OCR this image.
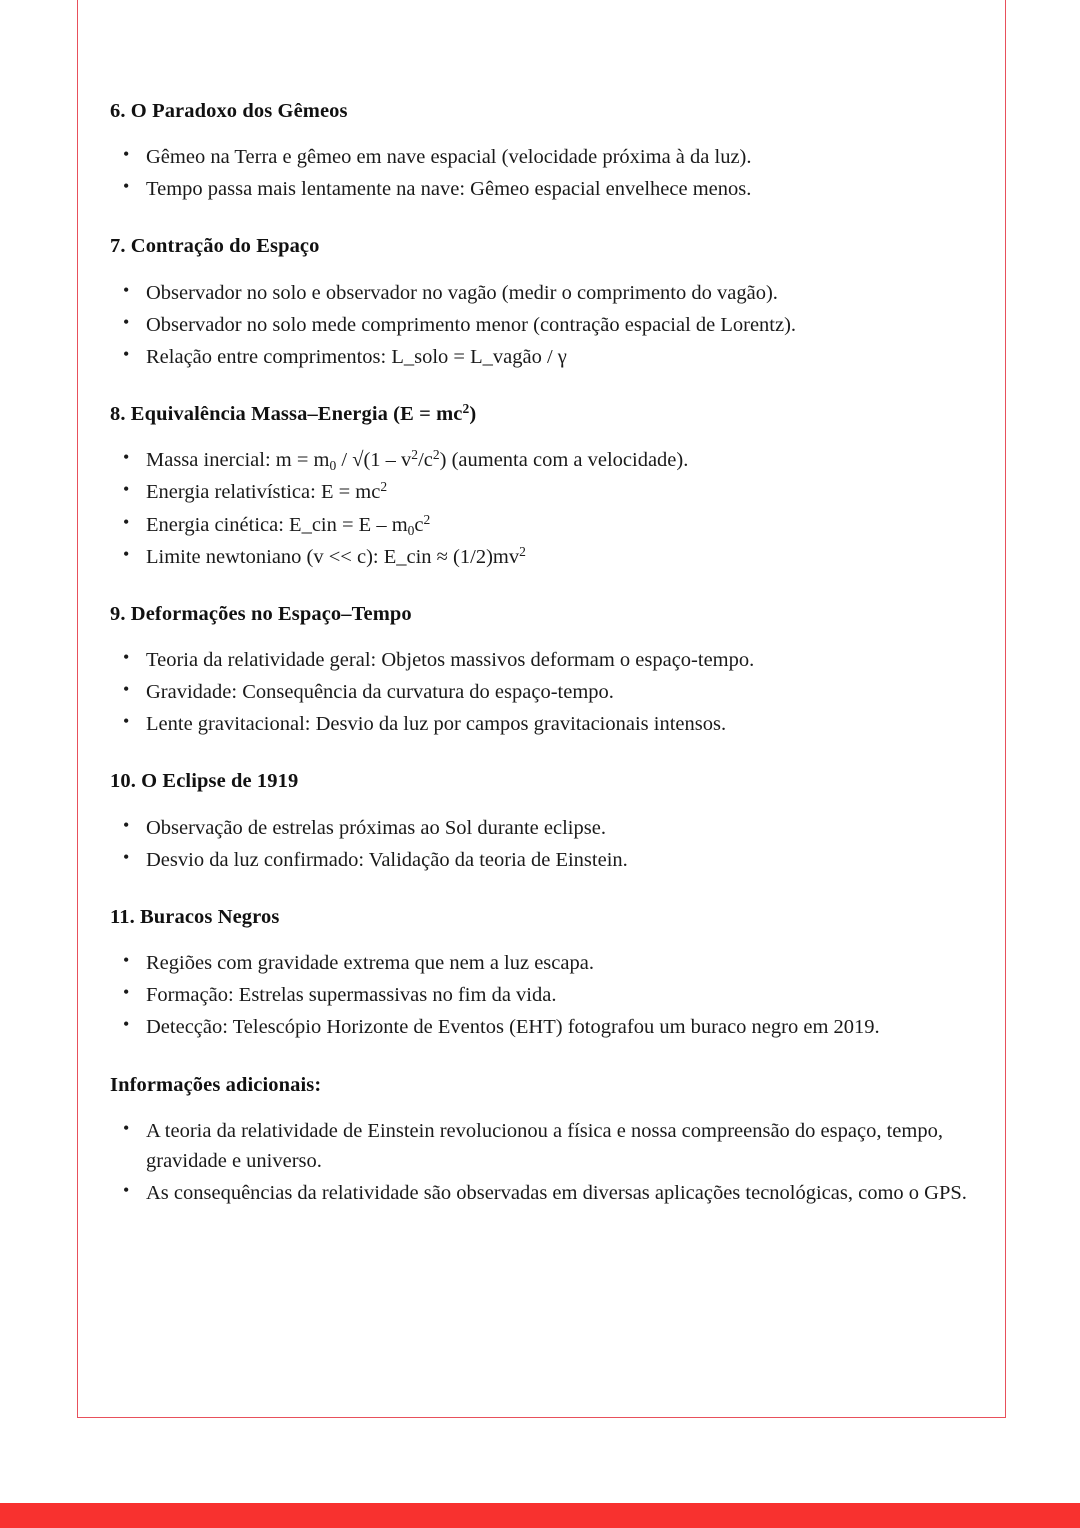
6. O Paradoxo dos Gêmeos
• Gêmeo na Terra e gêmeo em nave espacial (velocidade próxima à da luz).
• Tempo passa mais lentamente na nave: Gêmeo espacial envelhece menos.
7. Contração do Espaço
• Observador no solo e observador no vagão (medir o comprimento do vagão).
• Observador no solo mede comprimento menor (contração espacial de Lorentz).
• Relação entre comprimentos: L_solo = L_vagão / γ
8. Equivalência Massa–Energia $(E = mc^2)$
• Massa inercial: $m = m_0 / √(1 - v^2/c^2)$ (aumenta com a velocidade).
• Energia relativística: $E = mc^2$
• Energia cinética: E_cin = E – $m_0c^2$
• Limite newtoniano (v << c): E_cin ≈ $(1/2)mv^2$
9. Deformações no Espaço–Tempo
• Teoria da relatividade geral: Objetos massivos deformam o espaço-tempo.
• Gravidade: Consequência da curvatura do espaço-tempo.
• Lente gravitacional: Desvio da luz por campos gravitacionais intensos.
10. O Eclipse de 1919
• Observação de estrelas próximas ao Sol durante eclipse.
• Desvio da luz confirmado: Validação da teoria de Einstein.
11. Buracos Negros
• Regiões com gravidade extrema que nem a luz escapa.
• Formação: Estrelas supermassivas no fim da vida.
• Detecção: Telescópio Horizonte de Eventos (EHT) fotografou um buraco negro em 2019.
Informações adicionais:
• A teoria da relatividade de Einstein revolucionou a física e nossa compreensão do espaço, tempo, gravidade e universo.
• As consequências da relatividade são observadas em diversas aplicações tecnológicas, como o GPS.
